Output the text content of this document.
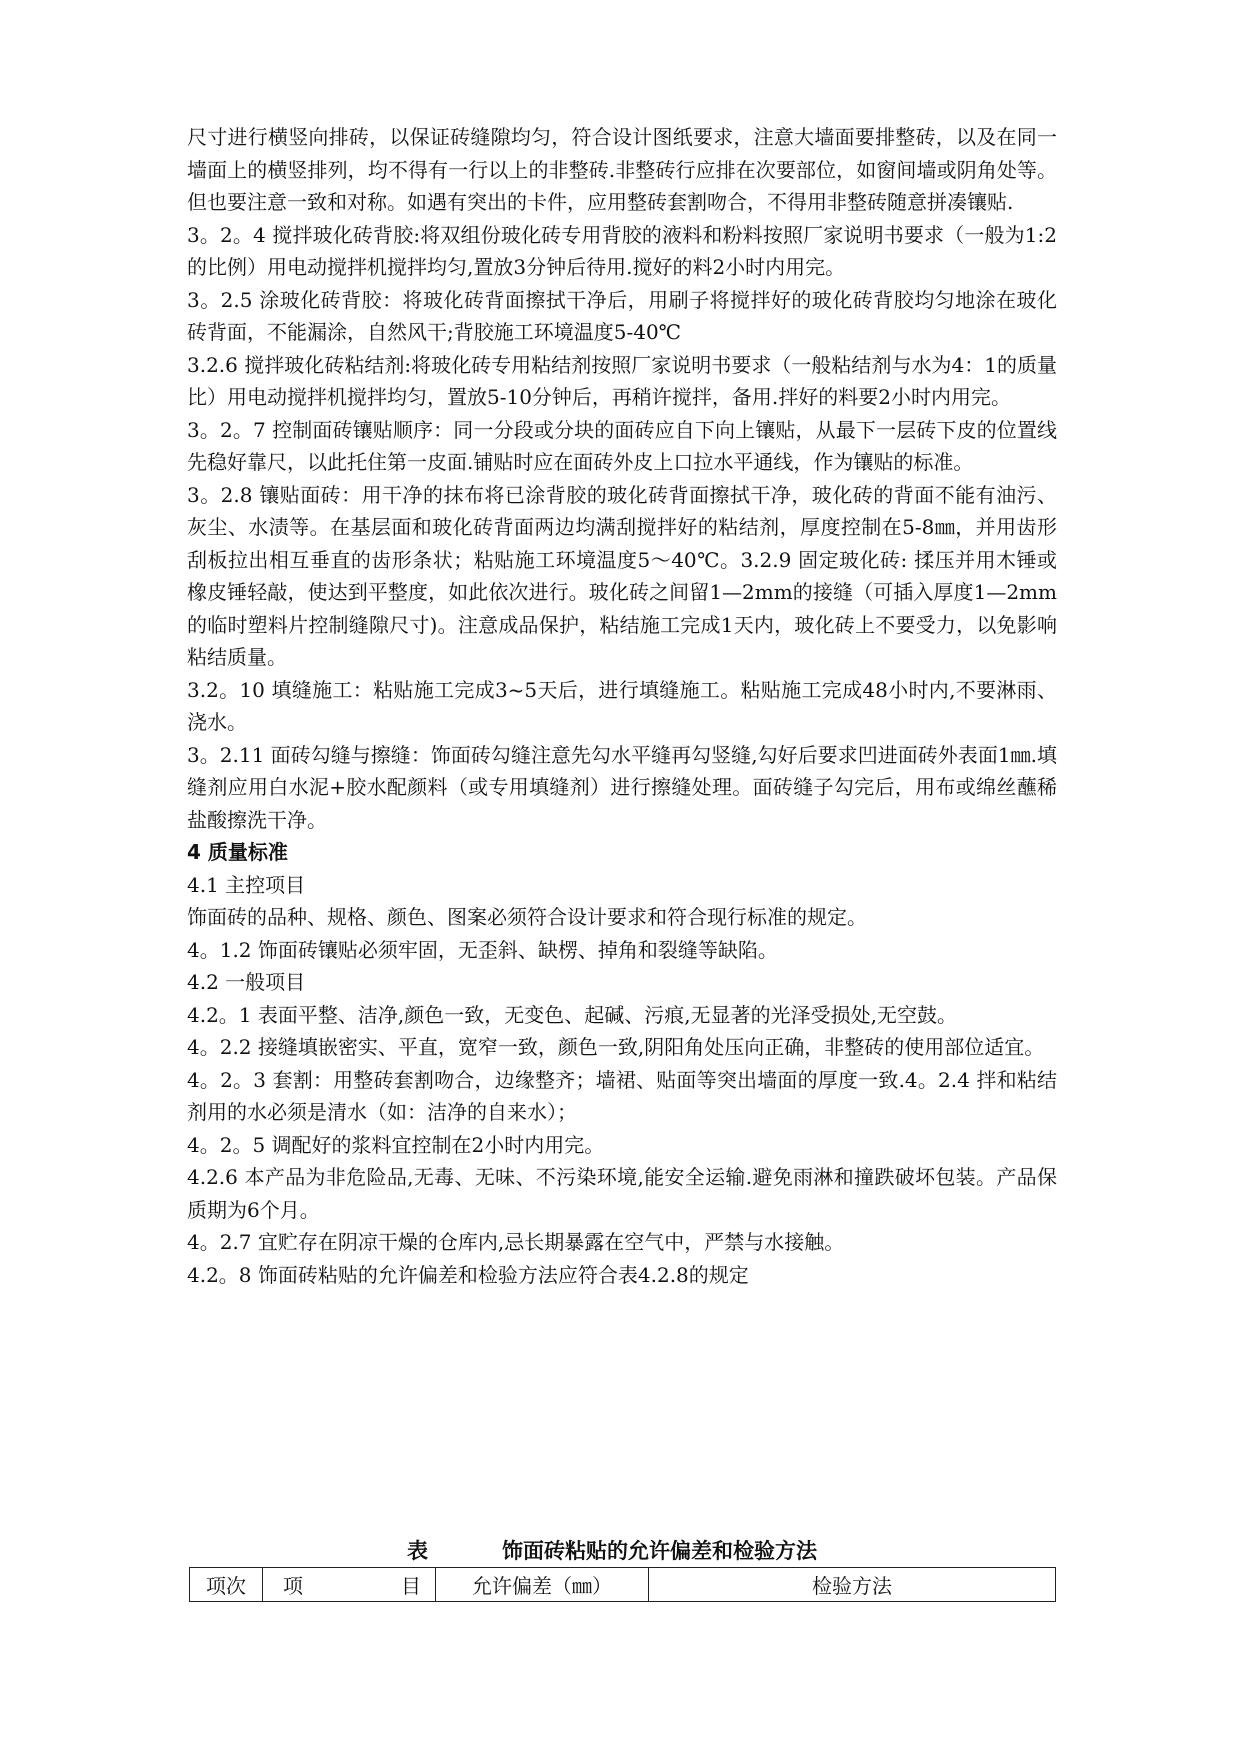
尺寸进行横竖向排砖，以保证砖缝隙均匀，符合设计图纸要求，注意大墙面要排整砖，以及在同一墙面上的横竖排列，均不得有一行以上的非整砖.非整砖行应排在次要部位，如窗间墙或阴角处等。但也要注意一致和对称。如遇有突出的卡件，应用整砖套割吻合，不得用非整砖随意拼凑镶贴.

3。2。4 搅拌玻化砖背胶:将双组份玻化砖专用背胶的液料和粉料按照厂家说明书要求（一般为1:2的比例）用电动搅拌机搅拌均匀,置放3分钟后待用.搅好的料2小时内用完。

3。2.5 涂玻化砖背胶：将玻化砖背面擦拭干净后，用刷子将搅拌好的玻化砖背胶均匀地涂在玻化砖背面，不能漏涂，自然风干;背胶施工环境温度5-40℃

3.2.6 搅拌玻化砖粘结剂:将玻化砖专用粘结剂按照厂家说明书要求（一般粘结剂与水为4：1的质量比）用电动搅拌机搅拌均匀，置放5-10分钟后，再稍许搅拌，备用.拌好的料要2小时内用完。

3。2。7 控制面砖镶贴顺序：同一分段或分块的面砖应自下向上镶贴，从最下一层砖下皮的位置线先稳好靠尺，以此托住第一皮面.铺贴时应在面砖外皮上口拉水平通线，作为镶贴的标准。

3。2.8 镶贴面砖：用干净的抹布将已涂背胶的玻化砖背面擦拭干净，玻化砖的背面不能有油污、灰尘、水渍等。在基层面和玻化砖背面两边均满刮搅拌好的粘结剂，厚度控制在5-8㎜，并用齿形刮板拉出相互垂直的齿形条状；粘贴施工环境温度5～40℃。3.2.9 固定玻化砖: 揉压并用木锤或橡皮锤轻敲，使达到平整度，如此依次进行。玻化砖之间留1—2mm的接缝（可插入厚度1—2mm的临时塑料片控制缝隙尺寸)。注意成品保护，粘结施工完成1天内，玻化砖上不要受力，以免影响粘结质量。

3.2。10 填缝施工：粘贴施工完成3~5天后，进行填缝施工。粘贴施工完成48小时内,不要淋雨、浇水。

3。2.11 面砖勾缝与擦缝：饰面砖勾缝注意先勾水平缝再勾竖缝,勾好后要求凹进面砖外表面1㎜.填缝剂应用白水泥+胶水配颜料（或专用填缝剂）进行擦缝处理。面砖缝子勾完后，用布或绵丝蘸稀盐酸擦洗干净。

4 质量标准

4.1 主控项目

饰面砖的品种、规格、颜色、图案必须符合设计要求和符合现行标准的规定。

4。1.2 饰面砖镶贴必须牢固，无歪斜、缺楞、掉角和裂缝等缺陷。

4.2 一般项目

4.2。1 表面平整、洁净,颜色一致，无变色、起碱、污痕,无显著的光泽受损处,无空鼓。

4。2.2 接缝填嵌密实、平直，宽窄一致，颜色一致,阴阳角处压向正确，非整砖的使用部位适宜。

4。2。3 套割：用整砖套割吻合，边缘整齐；墙裙、贴面等突出墙面的厚度一致.4。2.4 拌和粘结剂用的水必须是清水（如：洁净的自来水）；

4。2。5 调配好的浆料宜控制在2小时内用完。

4.2.6 本产品为非危险品,无毒、无味、不污染环境,能安全运输.避免雨淋和撞跌破坏包装。产品保质期为6个月。

4。2.7 宜贮存在阴凉干燥的仓库内,忌长期暴露在空气中，严禁与水接触。

4.2。8 饰面砖粘贴的允许偏差和检验方法应符合表4.2.8的规定

表	饰面砖粘贴的允许偏差和检验方法
项次	项	目	允许偏差（㎜）	检验方法
